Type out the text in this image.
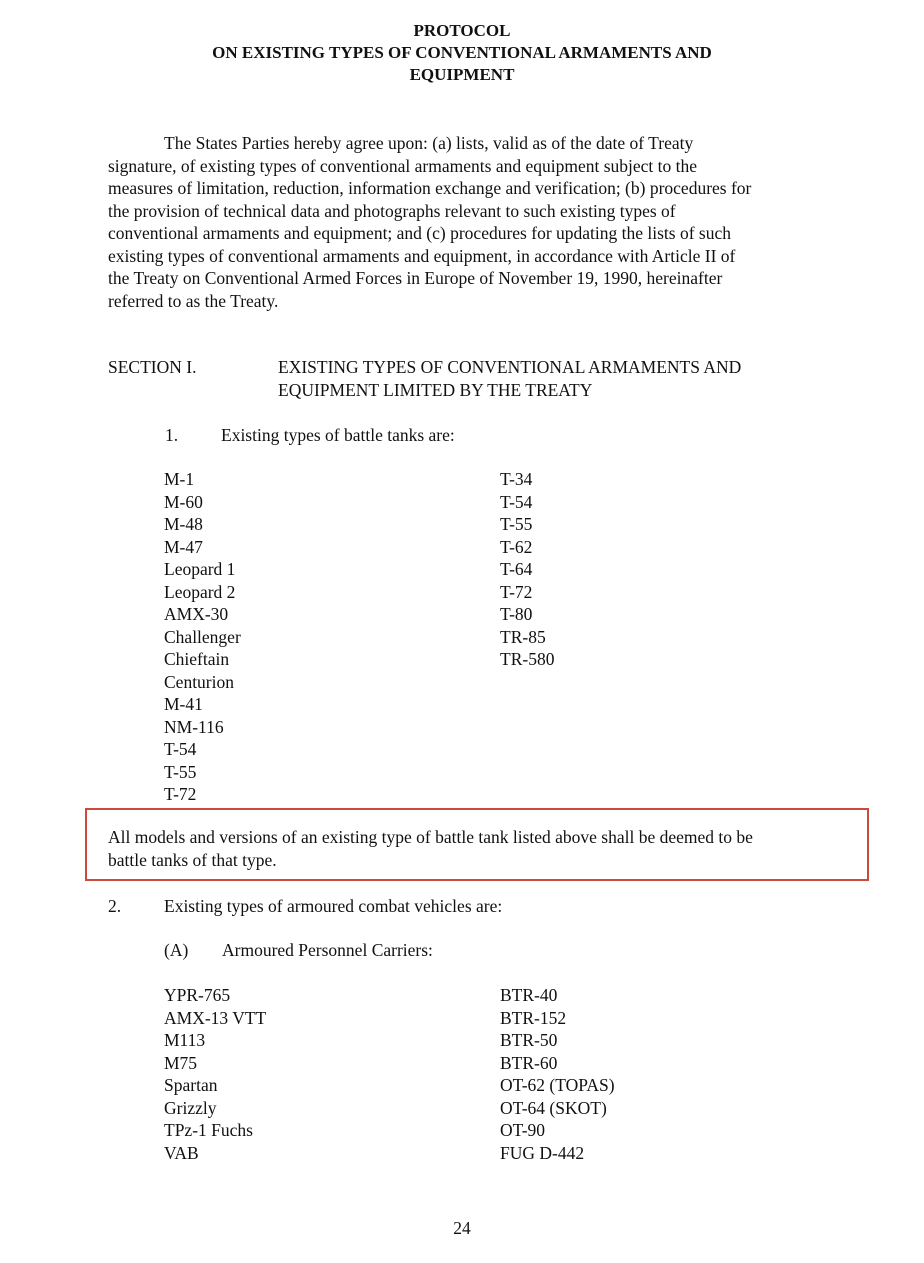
PROTOCOL
ON EXISTING TYPES OF CONVENTIONAL ARMAMENTS AND
EQUIPMENT
The States Parties hereby agree upon: (a) lists, valid as of the date of Treaty
signature, of existing types of conventional armaments and equipment subject to the
measures of limitation, reduction, information exchange and verification; (b) procedures for
the provision of technical data and photographs relevant to such existing types of
conventional armaments and equipment; and (c) procedures for updating the lists of such
existing types of conventional armaments and equipment, in accordance with Article II of
the Treaty on Conventional Armed Forces in Europe of November 19, 1990, hereinafter
referred to as the Treaty.
SECTION I.	EXISTING TYPES OF CONVENTIONAL ARMAMENTS AND
EQUIPMENT LIMITED BY THE TREATY
1. Existing types of battle tanks are:
M-1
M-60
M-48
M-47
Leopard 1
Leopard 2
AMX-30
Challenger
Chieftain
Centurion
M-41
NM-116
T-54
T-55
T-72
T-34
T-54
T-55
T-62
T-64
T-72
T-80
TR-85
TR-580
All models and versions of an existing type of battle tank listed above shall be deemed to be
battle tanks of that type.
2. Existing types of armoured combat vehicles are:
(A) Armoured Personnel Carriers:
YPR-765
AMX-13 VTT
M113
M75
Spartan
Grizzly
TPz-1 Fuchs
VAB
BTR-40
BTR-152
BTR-50
BTR-60
OT-62 (TOPAS)
OT-64 (SKOT)
OT-90
FUG D-442
24
